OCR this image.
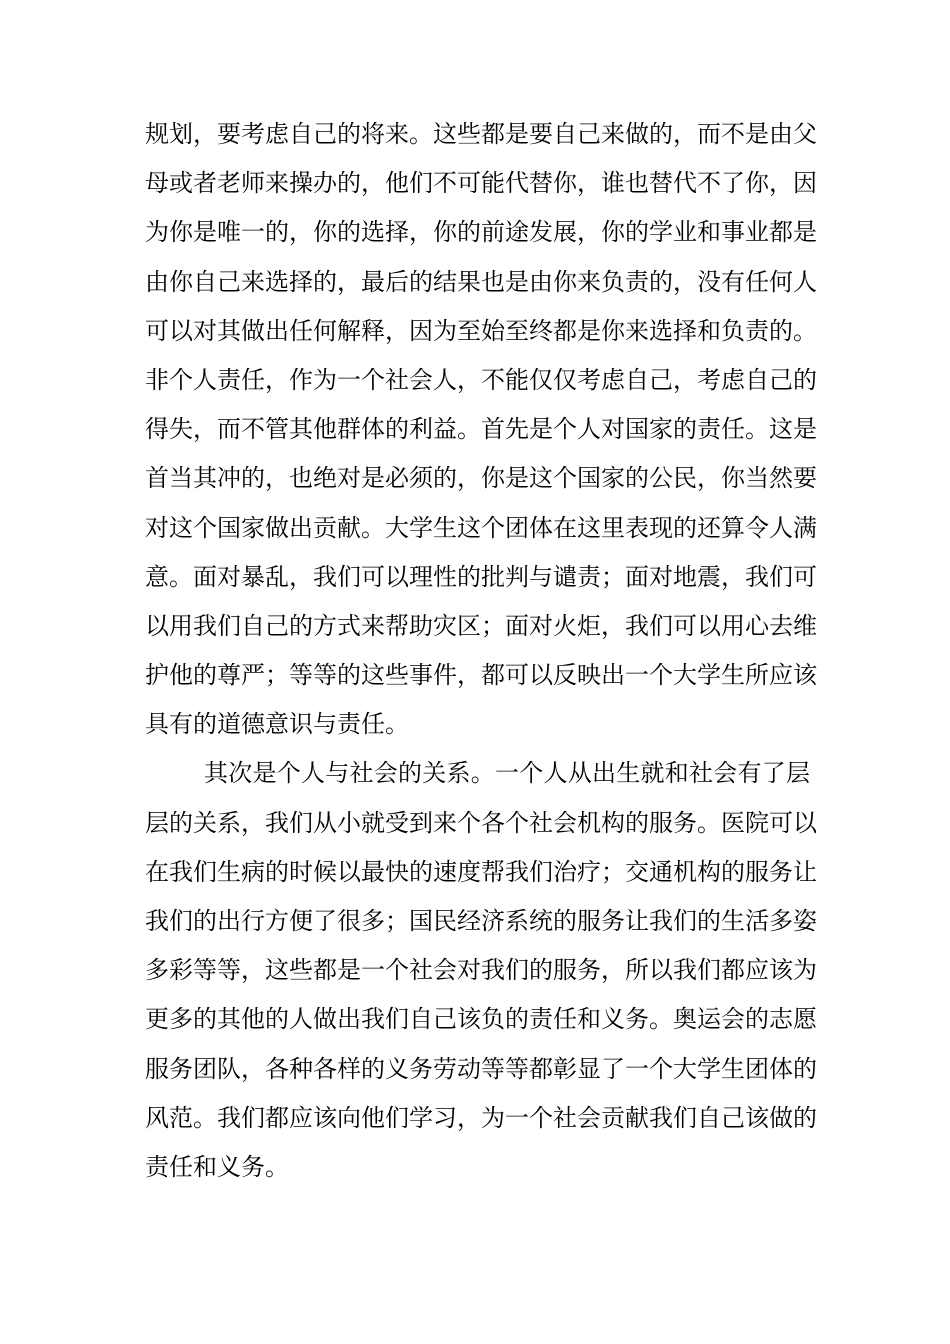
规划，要考虑自己的将来。这些都是要自己来做的，而不是由父
母或者老师来操办的，他们不可能代替你，谁也替代不了你，因
为你是唯一的，你的选择，你的前途发展，你的学业和事业都是
由你自己来选择的，最后的结果也是由你来负责的，没有任何人
可以对其做出任何解释，因为至始至终都是你来选择和负责的。
非个人责任，作为一个社会人，不能仅仅考虑自己，考虑自己的
得失，而不管其他群体的利益。首先是个人对国家的责任。这是
首当其冲的，也绝对是必须的，你是这个国家的公民，你当然要
对这个国家做出贡献。大学生这个团体在这里表现的还算令人满
意。面对暴乱，我们可以理性的批判与谴责；面对地震，我们可
以用我们自己的方式来帮助灾区；面对火炬，我们可以用心去维
护他的尊严；等等的这些事件，都可以反映出一个大学生所应该
具有的道德意识与责任。
其次是个人与社会的关系。一个人从出生就和社会有了层
层的关系，我们从小就受到来个各个社会机构的服务。医院可以
在我们生病的时候以最快的速度帮我们治疗；交通机构的服务让
我们的出行方便了很多；国民经济系统的服务让我们的生活多姿
多彩等等，这些都是一个社会对我们的服务，所以我们都应该为
更多的其他的人做出我们自己该负的责任和义务。奥运会的志愿
服务团队，各种各样的义务劳动等等都彰显了一个大学生团体的
风范。我们都应该向他们学习，为一个社会贡献我们自己该做的
责任和义务。
